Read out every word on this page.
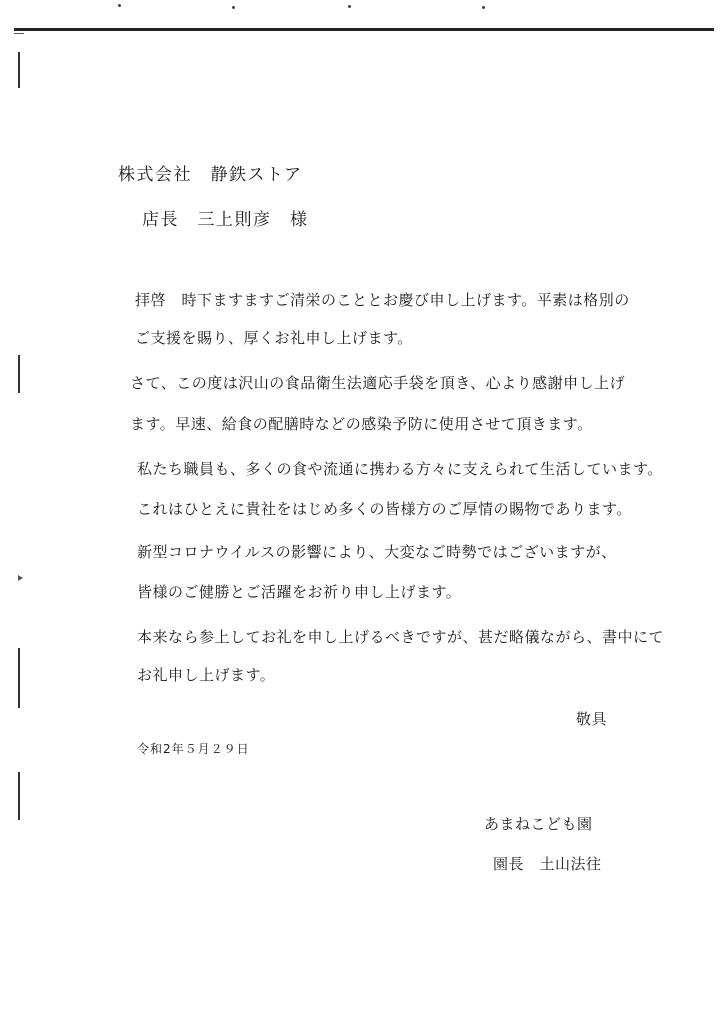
株式会社　静鉄ストア
店長　三上則彦　様
拝啓　時下ますますご清栄のこととお慶び申し上げます。平素は格別の
ご支援を賜り、厚くお礼申し上げます。
さて、この度は沢山の食品衛生法適応手袋を頂き、心より感謝申し上げ
ます。早速、給食の配膳時などの感染予防に使用させて頂きます。
私たち職員も、多くの食や流通に携わる方々に支えられて生活しています。
これはひとえに貴社をはじめ多くの皆様方のご厚情の賜物であります。
新型コロナウイルスの影響により、大変なご時勢ではございますが、
皆様のご健勝とご活躍をお祈り申し上げます。
本来なら参上してお礼を申し上げるべきですが、甚だ略儀ながら、書中にて
お礼申し上げます。
敬具
令和2年５月２９日
あまねこども園
園長　土山法往
